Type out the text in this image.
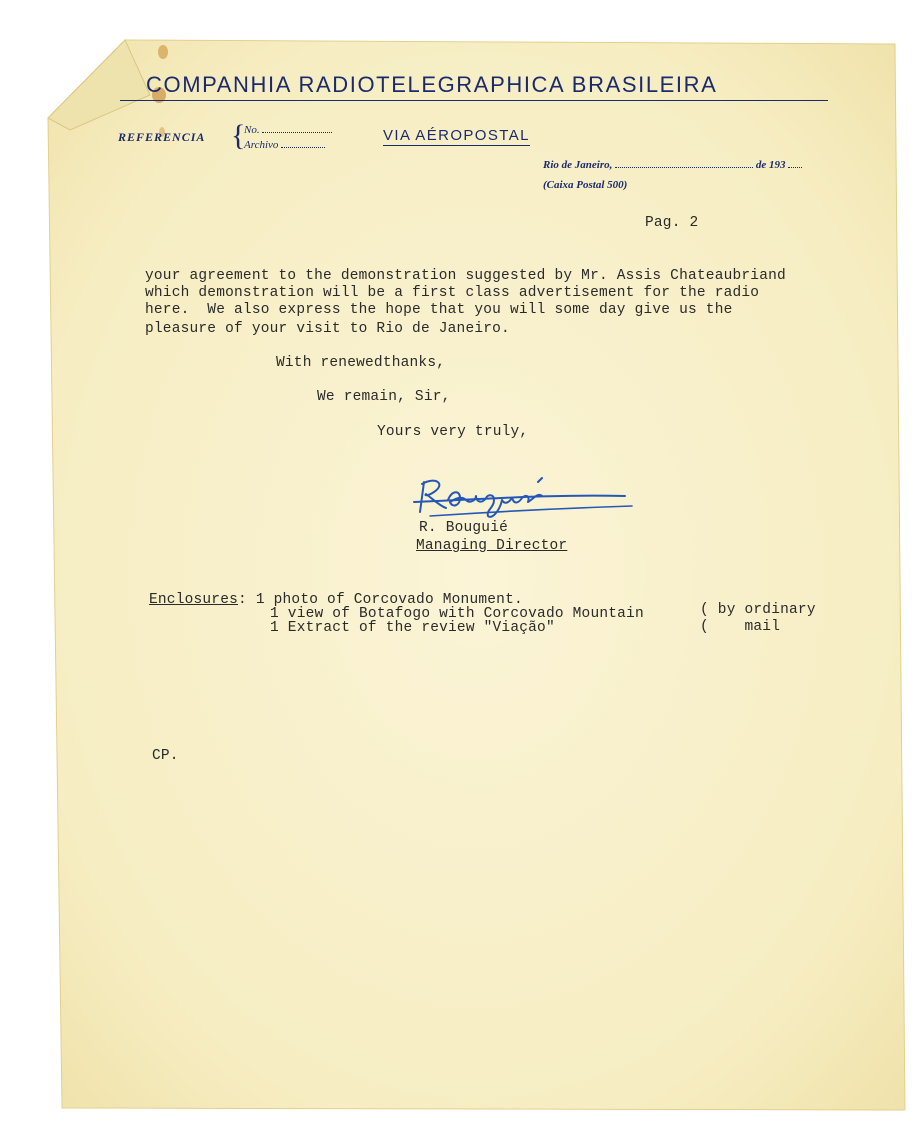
COMPANHIA RADIOTELEGRAPHICA BRASILEIRA
REFERENCIA {
No.
Archivo
VIA AÉROPOSTAL
Rio de Janeiro,	de 193
(Caixa Postal 500)
Pag. 2
your agreement to the demonstration suggested by Mr. Assis Chateaubriand
which demonstration will be a first class advertisement for the radio
here.  We also express the hope that you will some day give us the
pleasure of your visit to Rio de Janeiro.
With renewedthanks,
We remain, Sir,
Yours very truly,
R. Bouguié
Managing Director
Enclosures: 1 photo of Corcovado Monument.
1 view of Botafogo with Corcovado Mountain
1 Extract of the review "Viação"
( by ordinary
(    mail
CP.
